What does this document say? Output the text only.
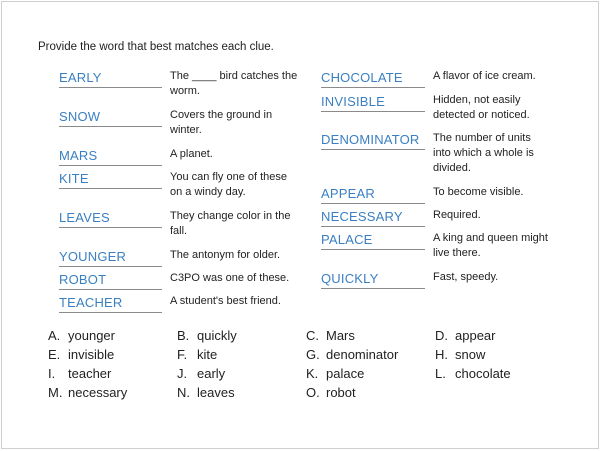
Provide the word that best matches each clue.
EARLY	The ____ bird catches the worm.
SNOW	Covers the ground in winter.
MARS	A planet.
KITE	You can fly one of these on a windy day.
LEAVES	They change color in the fall.
YOUNGER	The antonym for older.
ROBOT	C3PO was one of these.
TEACHER	A student's best friend.
CHOCOLATE	A flavor of ice cream.
INVISIBLE	Hidden, not easily detected or noticed.
DENOMINATOR	The number of units into which a whole is divided.
APPEAR	To become visible.
NECESSARY	Required.
PALACE	A king and queen might live there.
QUICKLY	Fast, speedy.
A. younger	B. quickly	C. Mars	D. appear
E. invisible	F. kite	G. denominator	H. snow
I. teacher	J. early	K. palace	L. chocolate
M. necessary	N. leaves	O. robot
